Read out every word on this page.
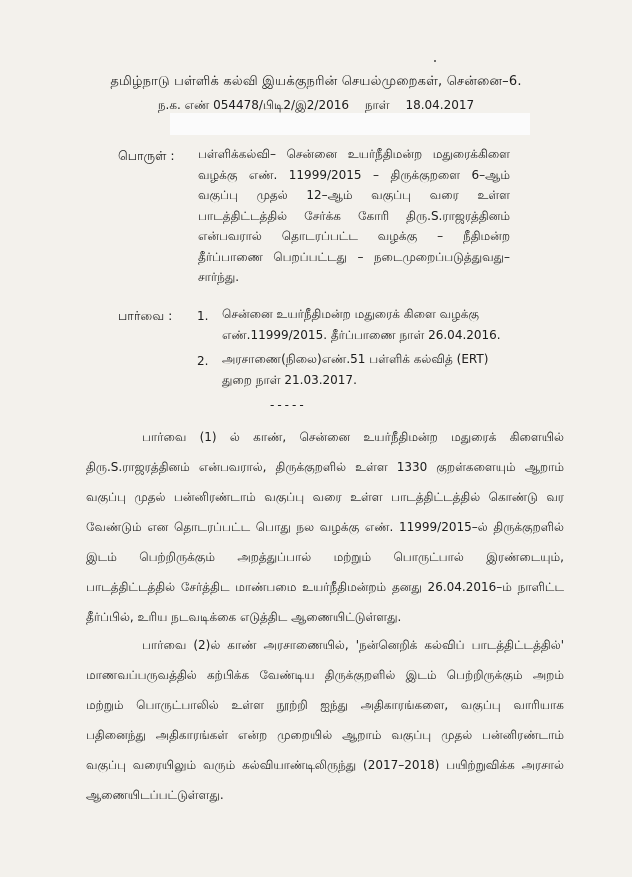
தமிழ்நாடு பள்ளிக் கல்வி இயக்குநரின் செயல்முறைகள், சென்னை–6.
ந.க. எண் 054478/பிடி2/இ2/2016 நாள் 18.04.2017
பொருள் : பள்ளிக்கல்வி– சென்னை உயர்நீதிமன்ற மதுரைக்கிளை வழக்கு எண். 11999/2015 – திருக்குறளை 6–ஆம் வகுப்பு முதல் 12–ஆம் வகுப்பு வரை உள்ள பாடத்திட்டத்தில் சேர்க்க கோரி திரு.S.ராஜரத்தினம் என்பவரால் தொடரப்பட்ட வழக்கு – நீதிமன்ற தீர்ப்பாணை பெறப்பட்டது – நடைமுறைப்படுத்துவது– சார்ந்து.
பார்வை : 1. சென்னை உயர்நீதிமன்ற மதுரைக் கிளை வழக்கு எண்.11999/2015. தீர்ப்பாணை நாள் 26.04.2016.
2. அரசாணை(நிலை)எண்.51 பள்ளிக் கல்வித் (ERT) துறை நாள் 21.03.2017.
-----
பார்வை (1) ல் காண், சென்னை உயர்நீதிமன்ற மதுரைக் கிளையில் திரு.S.ராஜரத்தினம் என்பவரால், திருக்குறளில் உள்ள 1330 குறள்களையும் ஆறாம் வகுப்பு முதல் பன்னிரண்டாம் வகுப்பு வரை உள்ள பாடத்திட்டத்தில் கொண்டு வர வேண்டும் என தொடரப்பட்ட பொது நல வழக்கு எண். 11999/2015–ல் திருக்குறளில் இடம் பெற்றிருக்கும் அறத்துப்பால் மற்றும் பொருட்பால் இரண்டையும், பாடத்திட்டத்தில் சேர்த்திட மாண்பமை உயர்நீதிமன்றம் தனது 26.04.2016–ம் நாளிட்ட தீர்ப்பில், உரிய நடவடிக்கை எடுத்திட ஆணையிட்டுள்ளது.
பார்வை (2)ல் காண் அரசாணையில், 'நன்னெறிக் கல்விப் பாடத்திட்டத்தில்' மாணவப்பருவத்தில் கற்பிக்க வேண்டிய திருக்குறளில் இடம் பெற்றிருக்கும் அறம் மற்றும் பொருட்பாலில் உள்ள நூற்றி ஐந்து அதிகாரங்களை, வகுப்பு வாரியாக பதினைந்து அதிகாரங்கள் என்ற முறையில் ஆறாம் வகுப்பு முதல் பன்னிரண்டாம் வகுப்பு வரையிலும் வரும் கல்வியாண்டிலிருந்து (2017–2018) பயிற்றுவிக்க அரசால் ஆணையிடப்பட்டுள்ளது.
